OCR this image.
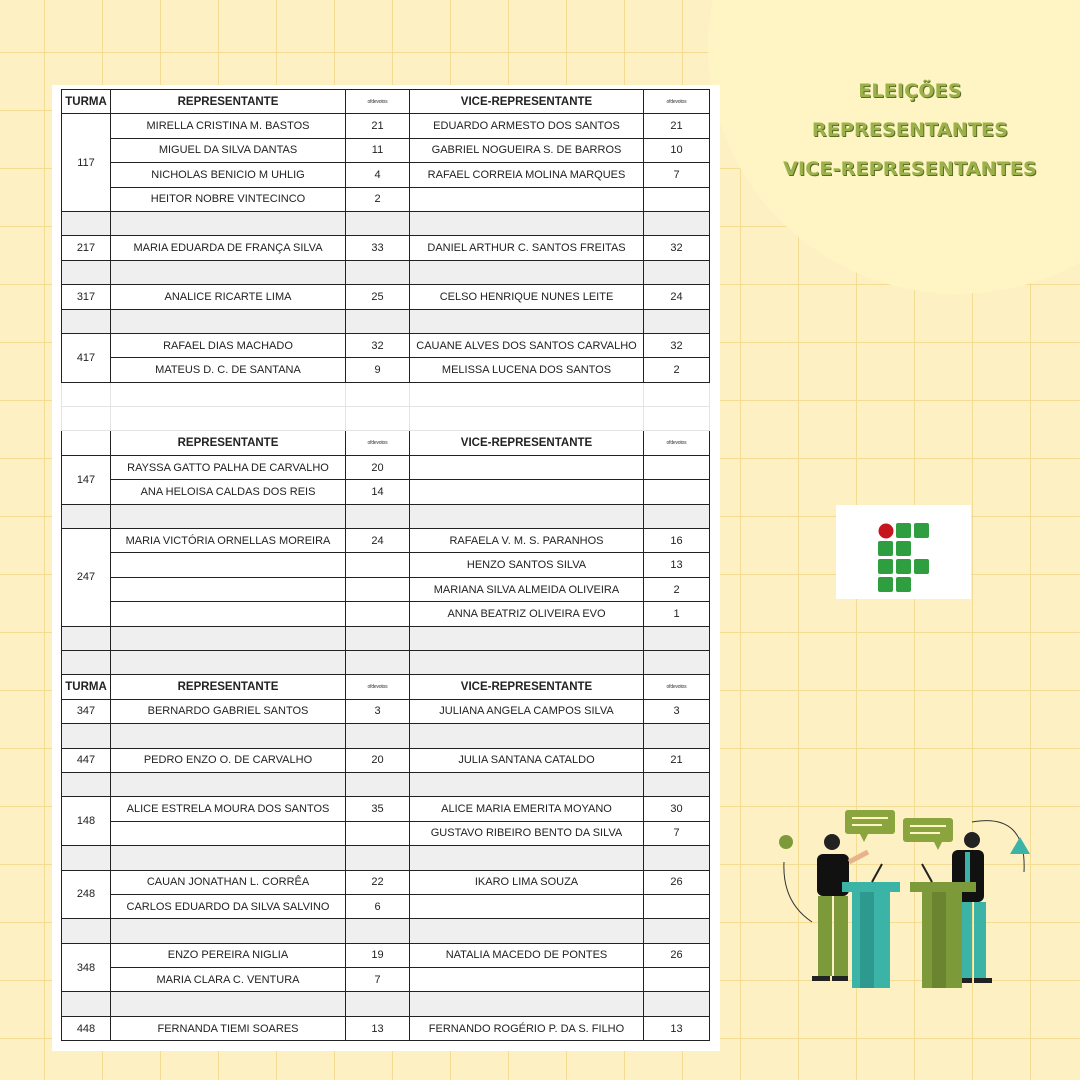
ELEIÇÕES
REPRESENTANTES
VICE-REPRESENTANTES
TURMA	REPRESENTANTE	ofdevotos	VICE-REPRESENTANTE	ofdevotos
117	MIRELLA CRISTINA M. BASTOS	21	EDUARDO ARMESTO DOS SANTOS	21
	MIGUEL DA SILVA DANTAS	11	GABRIEL NOGUEIRA S. DE BARROS	10
	NICHOLAS BENICIO M UHLIG	4	RAFAEL CORREIA MOLINA MARQUES	7
	HEITOR NOBRE VINTECINCO	2		

217	MARIA EDUARDA DE FRANÇA SILVA	33	DANIEL ARTHUR C. SANTOS FREITAS	32

317	ANALICE RICARTE LIMA	25	CELSO HENRIQUE NUNES LEITE	24

417	RAFAEL DIAS MACHADO	32	CAUANE ALVES DOS SANTOS CARVALHO	32
	MATEUS D. C. DE SANTANA	9	MELISSA LUCENA DOS SANTOS	2

	REPRESENTANTE	ofdevotos	VICE-REPRESENTANTE	ofdevotos
147	RAYSSA GATTO PALHA DE CARVALHO	20		
	ANA HELOISA CALDAS DOS REIS	14		

247	MARIA VICTÓRIA ORNELLAS MOREIRA	24	RAFAELA V. M. S. PARANHOS	16
			HENZO SANTOS SILVA	13
			MARIANA SILVA ALMEIDA OLIVEIRA	2
			ANNA BEATRIZ OLIVEIRA EVO	1

TURMA	REPRESENTANTE	ofdevotos	VICE-REPRESENTANTE	ofdevotos
347	BERNARDO GABRIEL SANTOS	3	JULIANA ANGELA CAMPOS SILVA	3

447	PEDRO ENZO O. DE CARVALHO	20	JULIA SANTANA CATALDO	21

148	ALICE ESTRELA MOURA DOS SANTOS	35	ALICE MARIA EMERITA MOYANO	30
			GUSTAVO RIBEIRO BENTO DA SILVA	7

248	CAUAN JONATHAN L. CORRÊA	22	IKARO LIMA SOUZA	26
	CARLOS EDUARDO DA SILVA SALVINO	6		

348	ENZO PEREIRA NIGLIA	19	NATALIA MACEDO DE PONTES	26
	MARIA CLARA C. VENTURA	7		

448	FERNANDA TIEMI SOARES	13	FERNANDO ROGÉRIO P. DA S. FILHO	13
